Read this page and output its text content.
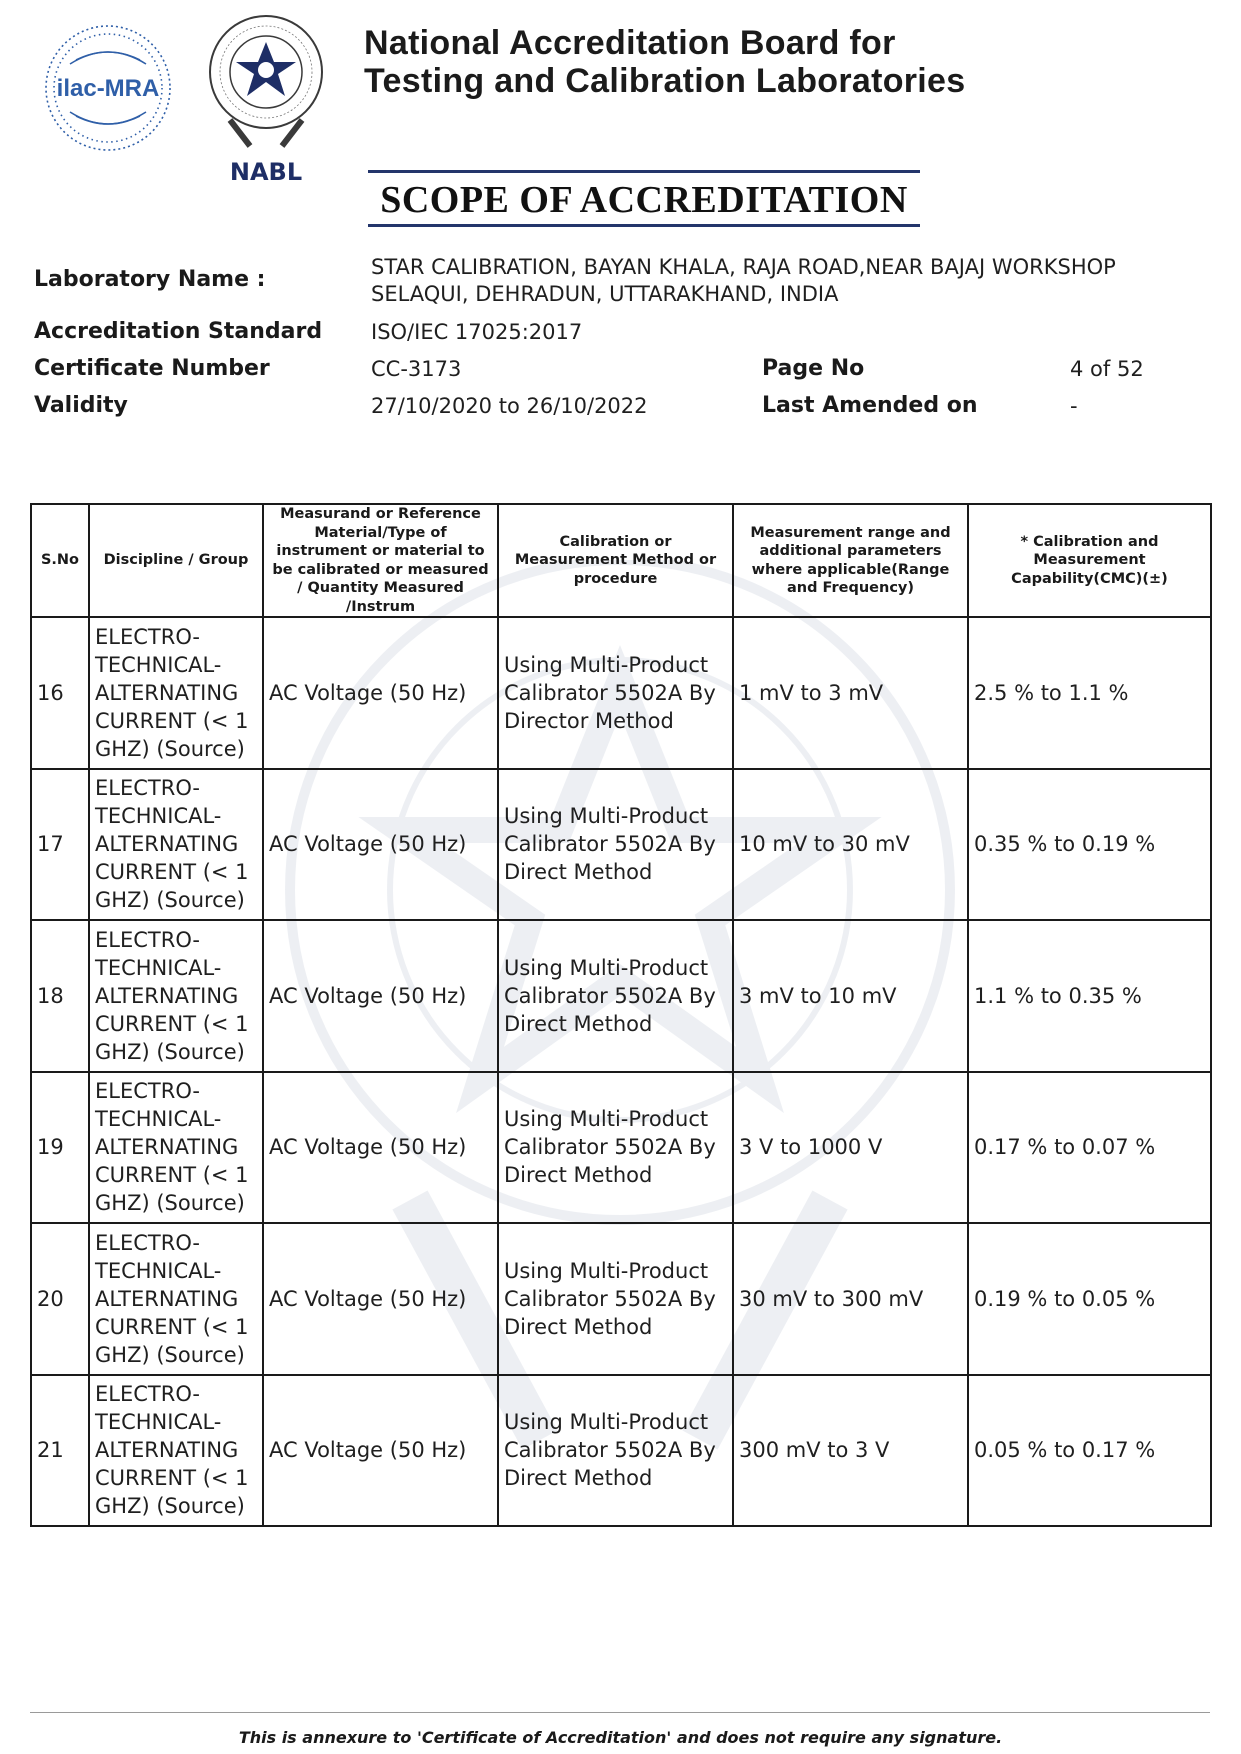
ilac-MRA
NABL
National Accreditation Board for
Testing and Calibration Laboratories
SCOPE OF ACCREDITATION
Laboratory Name :	STAR CALIBRATION, BAYAN KHALA, RAJA ROAD,NEAR BAJAJ WORKSHOP
SELAQUI, DEHRADUN, UTTARAKHAND, INDIA
Accreditation Standard ISO/IEC 17025:2017
Certificate Number	CC-3173	Page No	4 of 52
Validity	27/10/2020 to 26/10/2022	Last Amended on	-
S.No	Discipline / Group	Measurand or Reference Material/Type of instrument or material to be calibrated or measured / Quantity Measured /Instrum	Calibration or Measurement Method or procedure	Measurement range and additional parameters where applicable(Range and Frequency)	* Calibration and Measurement Capability(CMC)(±)
16	ELECTRO-TECHNICAL-ALTERNATING CURRENT (< 1 GHZ) (Source)	AC Voltage (50 Hz)	Using Multi-Product Calibrator 5502A By Director Method	1 mV to 3 mV	2.5 % to 1.1 %
17	ELECTRO-TECHNICAL-ALTERNATING CURRENT (< 1 GHZ) (Source)	AC Voltage (50 Hz)	Using Multi-Product Calibrator 5502A By Direct Method	10 mV to 30 mV	0.35 % to 0.19 %
18	ELECTRO-TECHNICAL-ALTERNATING CURRENT (< 1 GHZ) (Source)	AC Voltage (50 Hz)	Using Multi-Product Calibrator 5502A By Direct Method	3 mV to 10 mV	1.1 % to 0.35 %
19	ELECTRO-TECHNICAL-ALTERNATING CURRENT (< 1 GHZ) (Source)	AC Voltage (50 Hz)	Using Multi-Product Calibrator 5502A By Direct Method	3 V to 1000 V	0.17 % to 0.07 %
20	ELECTRO-TECHNICAL-ALTERNATING CURRENT (< 1 GHZ) (Source)	AC Voltage (50 Hz)	Using Multi-Product Calibrator 5502A By Direct Method	30 mV to 300 mV	0.19 % to 0.05 %
21	ELECTRO-TECHNICAL-ALTERNATING CURRENT (< 1 GHZ) (Source)	AC Voltage (50 Hz)	Using Multi-Product Calibrator 5502A By Direct Method	300 mV to 3 V	0.05 % to 0.17 %
This is annexure to 'Certificate of Accreditation' and does not require any signature.
